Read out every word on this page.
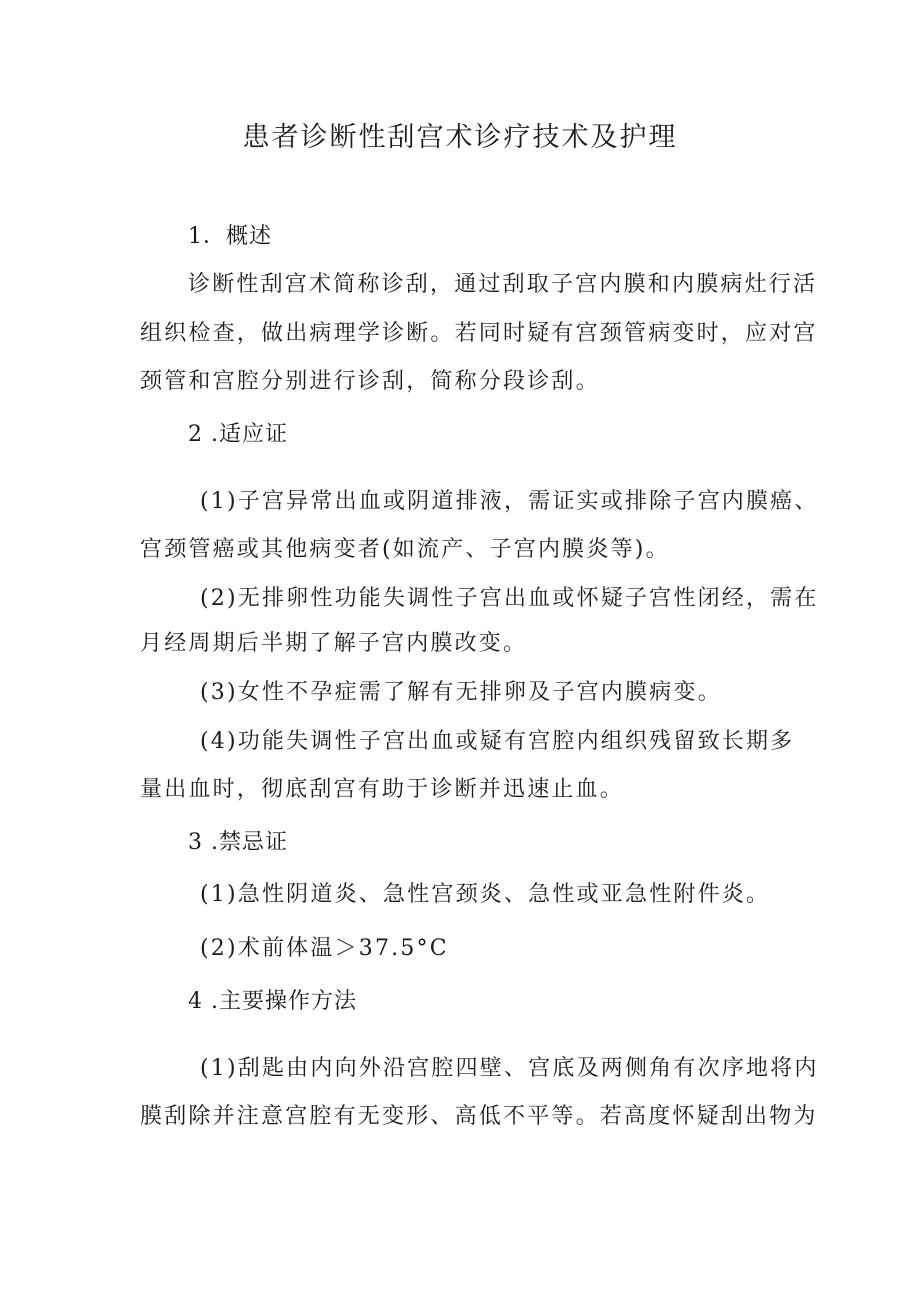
患者诊断性刮宫术诊疗技术及护理
1．概述
诊断性刮宫术简称诊刮，通过刮取子宫内膜和内膜病灶行活
组织检查，做出病理学诊断。若同时疑有宫颈管病变时，应对宫
颈管和宫腔分别进行诊刮，简称分段诊刮。
2 .适应证
(1)子宫异常出血或阴道排液，需证实或排除子宫内膜癌、
宫颈管癌或其他病变者(如流产、子宫内膜炎等)。
(2)无排卵性功能失调性子宫出血或怀疑子宫性闭经，需在
月经周期后半期了解子宫内膜改变。
(3)女性不孕症需了解有无排卵及子宫内膜病变。
(4)功能失调性子宫出血或疑有宫腔内组织残留致长期多
量出血时，彻底刮宫有助于诊断并迅速止血。
3 .禁忌证
(1)急性阴道炎、急性宫颈炎、急性或亚急性附件炎。
(2)术前体温＞37.5°C
4 .主要操作方法
(1)刮匙由内向外沿宫腔四壁、宫底及两侧角有次序地将内
膜刮除并注意宫腔有无变形、高低不平等。若高度怀疑刮出物为
